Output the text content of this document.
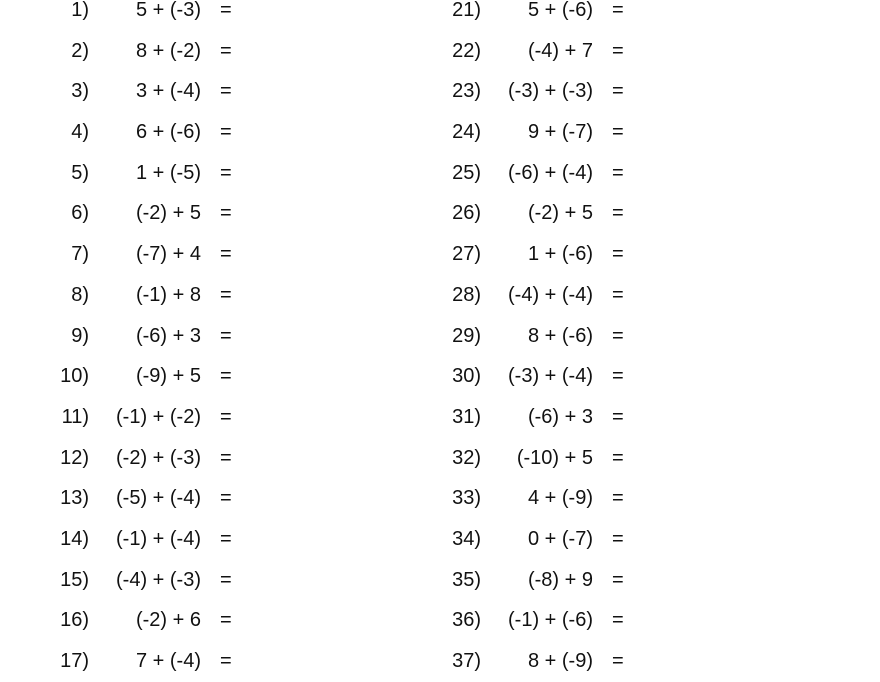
1)	5 + (-3) =
2)	8 + (-2) =
3)	3 + (-4) =
4)	6 + (-6) =
5)	1 + (-5) =
6)	(-2) + 5 =
7)	(-7) + 4 =
8)	(-1) + 8 =
9)	(-6) + 3 =
10)	(-9) + 5 =
11)	(-1) + (-2) =
12)	(-2) + (-3) =
13)	(-5) + (-4) =
14)	(-1) + (-4) =
15)	(-4) + (-3) =
16)	(-2) + 6 =
17)	7 + (-4) =
21)	5 + (-6) =
22)	(-4) + 7 =
23)	(-3) + (-3) =
24)	9 + (-7) =
25)	(-6) + (-4) =
26)	(-2) + 5 =
27)	1 + (-6) =
28)	(-4) + (-4) =
29)	8 + (-6) =
30)	(-3) + (-4) =
31)	(-6) + 3 =
32)	(-10) + 5 =
33)	4 + (-9) =
34)	0 + (-7) =
35)	(-8) + 9 =
36)	(-1) + (-6) =
37)	8 + (-9) =
